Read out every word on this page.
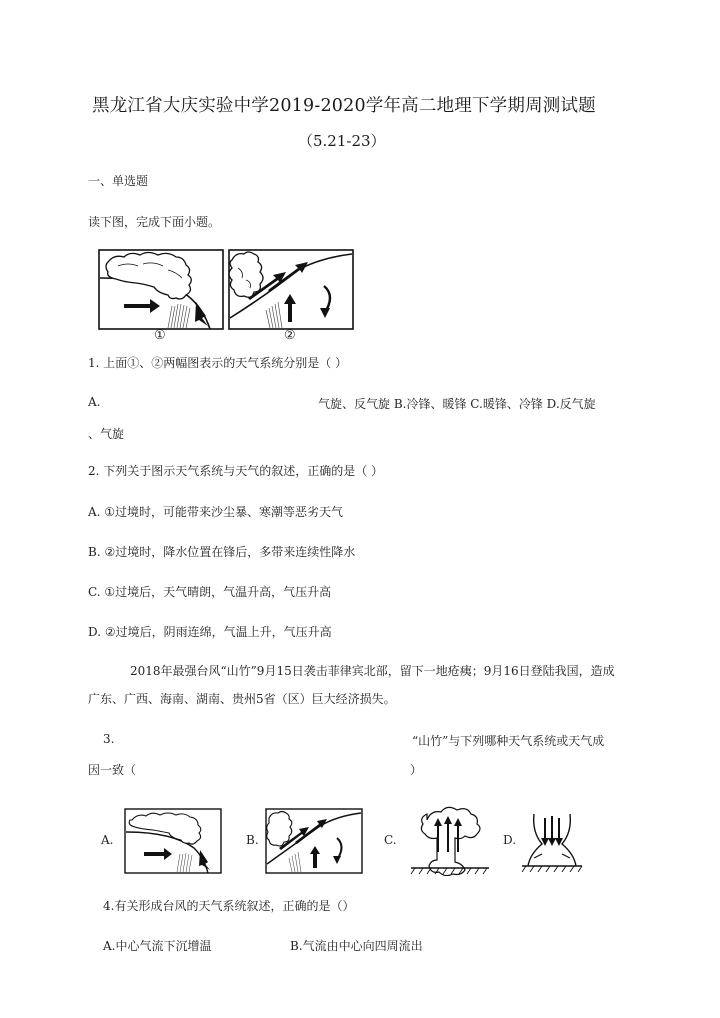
黑龙江省大庆实验中学2019-2020学年高二地理下学期周测试题
（5.21-23）
一、单选题
读下图，完成下面小题。
①	②
1. 上面①、②两幅图表示的天气系统分别是（ ）
A.	气旋、反气旋 B.冷锋、暖锋 C.暖锋、冷锋 D.反气旋
、气旋
2. 下列关于图示天气系统与天气的叙述，正确的是（ ）
A. ①过境时，可能带来沙尘暴、寒潮等恶劣天气
B. ②过境时，降水位置在锋后，多带来连续性降水
C. ①过境后，天气晴朗，气温升高，气压升高
D. ②过境后，阴雨连绵，气温上升，气压升高
2018年最强台风“山竹”9月15日袭击菲律宾北部，留下一地疮痍；9月16日登陆我国，造成
广东、广西、海南、湖南、贵州5省（区）巨大经济损失。
3.	“山竹”与下列哪种天气系统或天气成
因一致（	）
A.	B.	C.	D.
4.有关形成台风的天气系统叙述，正确的是（）
A.中心气流下沉增温	B.气流由中心向四周流出
